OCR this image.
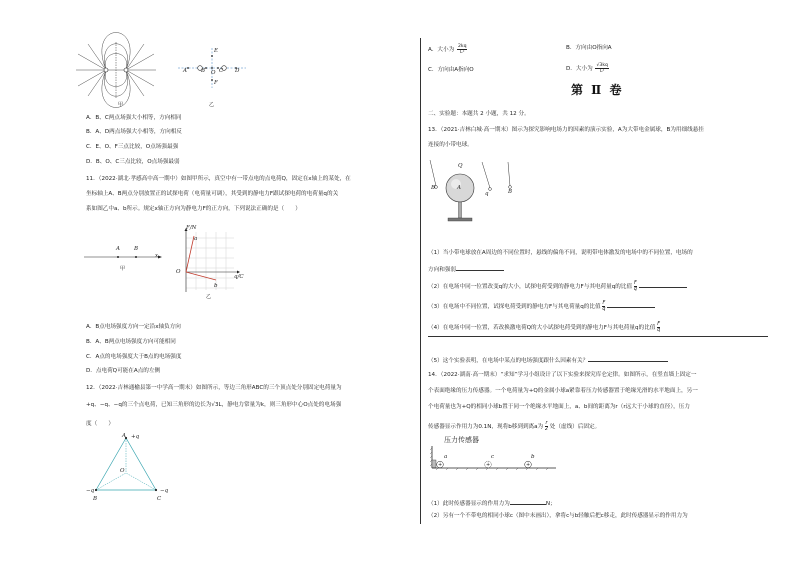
甲
A	B O C D
E
F
乙
A．B、C两点场强大小相等，方向相同
B．A、D两点场强大小相等，方向相反
C．E、O、F三点比较，O点场强最强
D．B、O、C三点比较，O点场强最弱
11．（2022·湖北·孝感高中高一期中）如图甲所示，真空中有一带点电的点电荷Q，固定在x轴上的某处，在
坐标轴上A、B两点分别放置正的试探电荷（电荷量可调），其受到的静电力F跟试探电荷的电荷量q的关
系如图乙中a、b所示。规定x轴正方向为静电力F的正方向，下列说法正确的是（　　）
A	B
x
甲
F/N
a
b
O
q/C
乙
A．B点电场强度方向一定沿x轴负方向
B．A、B两点电场强度方向可能相同
C．A点的电场强度大于B点的电场强度
D．点电荷Q可能在A点的左侧
12．（2022·吉林通榆县第一中学高一期末）如图所示，等边三角形ABC的三个顶点处分别固定电荷量为
+q、−q、−q的三个点电荷，已知三角形的边长为√3L，静电力常量为k，则三角形中心O点处的电场强
度（　　）
A +q
O
−q	−q
B	C
A．大小为 $\frac{2kq}{\text{L²}}$	B．方向由O指向A
C．方向由A指向O	D．大小为 $\frac{√3kq}{\text{L²}}$
第 Ⅱ 卷
二、实验题：本题共 2 小题，共 12 分。
13．（2021·吉林白城·高一期末）图示为探究影响电场力的因素的演示实验，A为大带电金属球，B为用细线悬挂
连接的小带电球。
Q
A
B
q	B
（1）当小带电球放在A周边的不同位置时，悬线的偏角不同，说明带电体激发的电场中的不同位置，电场的
方向和强弱
（2）在电场中同一位置改变q的大小，试探电荷受到的静电力F与其电荷量q的比值 $\frac{F}{q}$

（3）在电场中不同位置，试探电荷受到的静电力F与其电荷量q的比值 $\frac{F}{q}$

（4）在电场中同一位置，若改换激电荷Q的大小试探电荷受到的静电力F与其电荷量q的比值 $\frac{F}{q}$
（5）这个实验表明，在电场中某点的电场强度跟什么因素有关？
14．（2022·湖南·高一期末）“求知”学习小组设计了以下实验来探究库仑定律。如图所示，在竖直墙上固定一
个表面绝缘的压力传感器。一个电荷量为+Q的金属小球a紧靠着压力传感器置于绝缘光滑的水平地面上，另一
个电荷量也为+Q的相同小球b置于同一个绝缘水平地面上，a、b间的距离为r（r远大于小球的直径），压力
传感器显示作用力为0.1N，现将b移到到离a为 $\frac{r}{2}$ 处（虚线）后固定。
压力传感器
+	+	+
a	c	b
（1）此时传感器显示的作用力为	N；
（2）另有一个不带电的相同小球c（图中未画出），拿将c与b轻触后把c移走，此时传感器显示的作用力为
